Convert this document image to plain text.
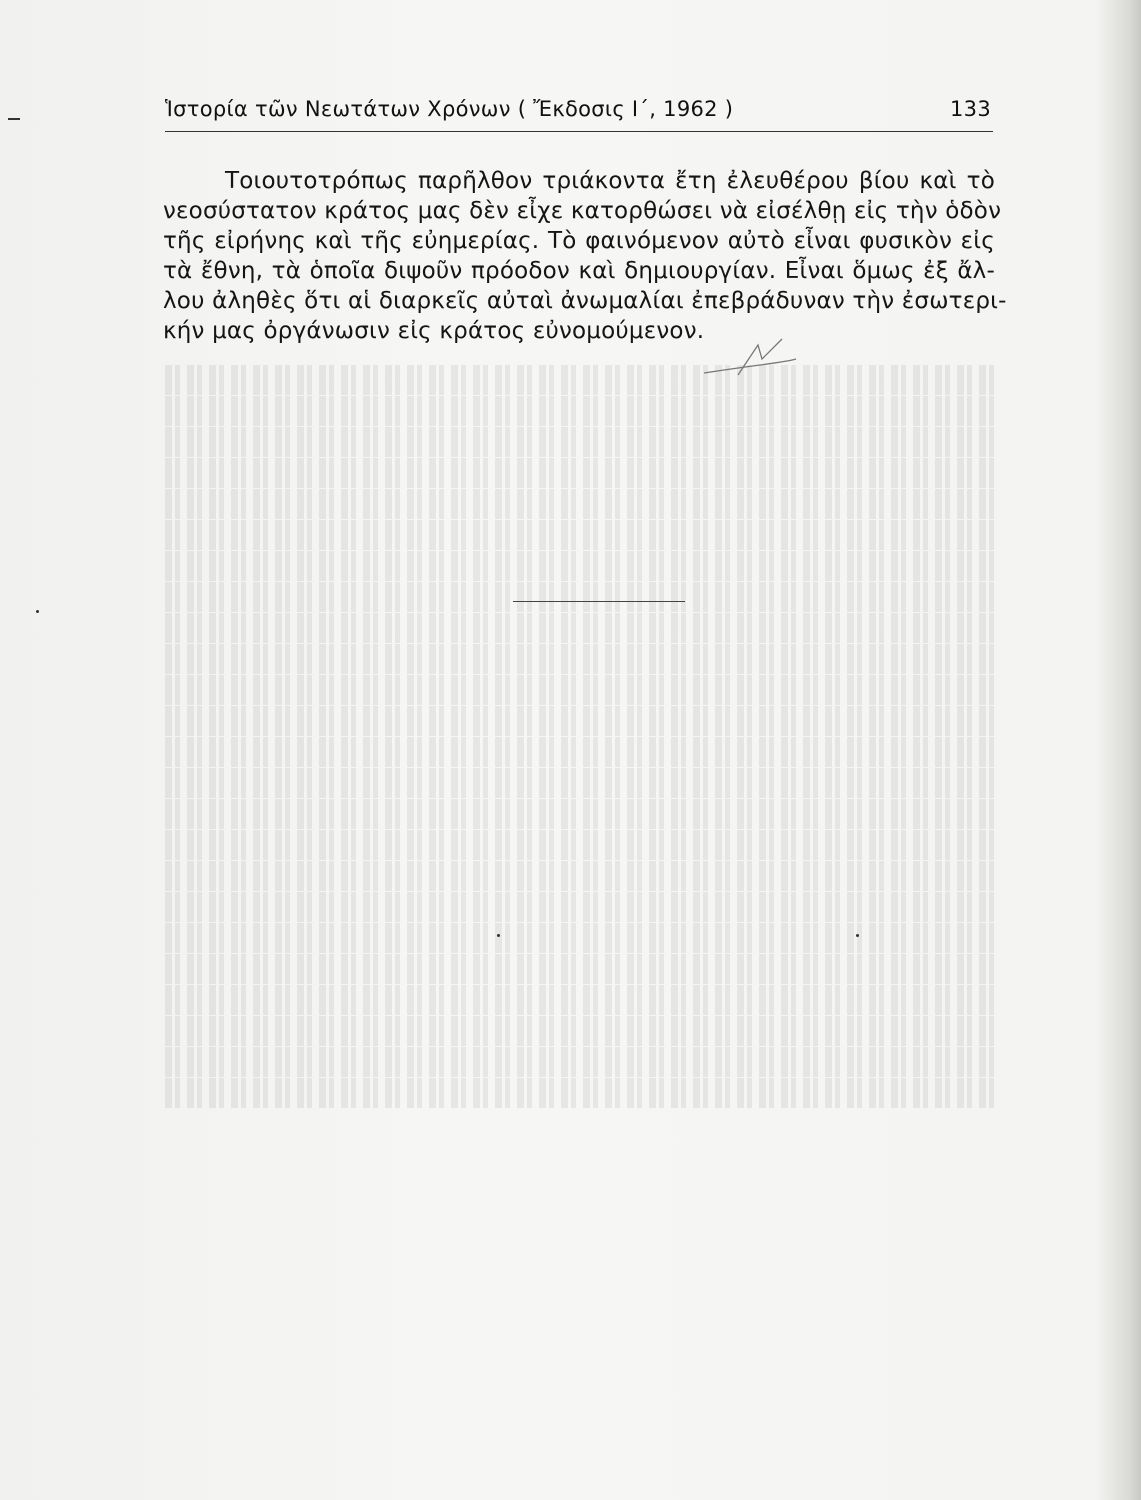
Ἱστορία τῶν Νεωτάτων Χρόνων ( Ἔκδοσις Ι΄, 1962 )	133
Τοιουτοτρόπως παρῆλθον τριάκοντα ἔτη ἐλευθέρου βίου καὶ τὸ
νεοσύστατον κράτος μας δὲν εἶχε κατορθώσει νὰ εἰσέλθῃ εἰς τὴν ὁδὸν
τῆς εἰρήνης καὶ τῆς εὐημερίας. Τὸ φαινόμενον αὐτὸ εἶναι φυσικὸν εἰς
τὰ ἔθνη, τὰ ὁποῖα διψοῦν πρόοδον καὶ δημιουργίαν. Εἶναι ὅμως ἐξ ἄλ-
λου ἀληθὲς ὅτι αἱ διαρκεῖς αὐταὶ ἀνωμαλίαι ἐπεβράδυναν τὴν ἐσωτερι-
κήν μας ὀργάνωσιν εἰς κράτος εὐνομούμενον.
